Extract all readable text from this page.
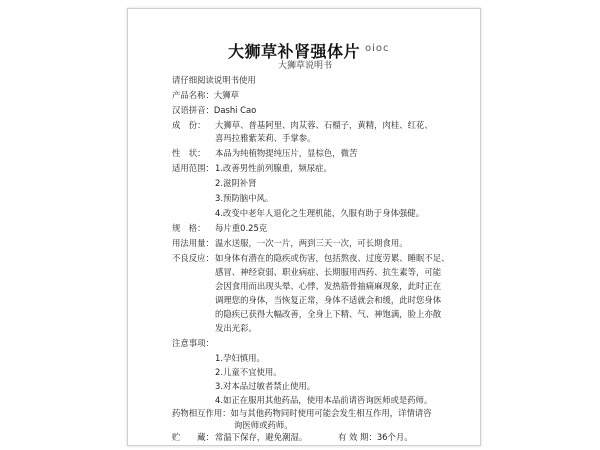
大狮草补肾强体片 oioc
大狮草说明书
请仔细阅读说明书使用
产品名称：大狮草
汉语拼音：Dashi Cao
成　份： 大狮草、普基阿里、肉苁蓉、石榴子，黄精，肉桂、红花、
喜玛拉雅紫茉莉、手掌参。
性　状： 本品为纯植物提纯压片，显棕色，微苦
适用范围：1.改善男性前列腺重，频尿症。
2.滋阴补肾
3.预防脑中风。
4.改变中老年人退化之生理机能，久服有助于身体强健。
规　格： 每片重0.25克
用法用量：温水送服，一次一片，两到三天一次，可长期食用。
不良反应：如身体有潜在的隐疾或伤害，包括熬夜、过度劳累、睡眠不足、
感冒、神经衰弱、职业病症、长期服用西药、抗生素等，可能
会因食用而出现头晕、心悸、发热筋骨抽痛麻现象，此时正在
调理您的身体，当恢复正常，身体不适就会和缓，此时您身体
的隐疾已获得大幅改善，全身上下精、气、神饱满，脸上亦散
发出光彩。
注意事项：
1.孕妇慎用。
2.儿童不宜使用。
3.对本品过敏者禁止使用。
4.如正在服用其他药品，使用本品前请咨询医师或是药师。
药物相互作用：如与其他药物同时使用可能会发生相互作用，详情请咨
询医师或药师。
贮　　藏：常温下保存，避免潮湿。	有 效 期：36个月。
